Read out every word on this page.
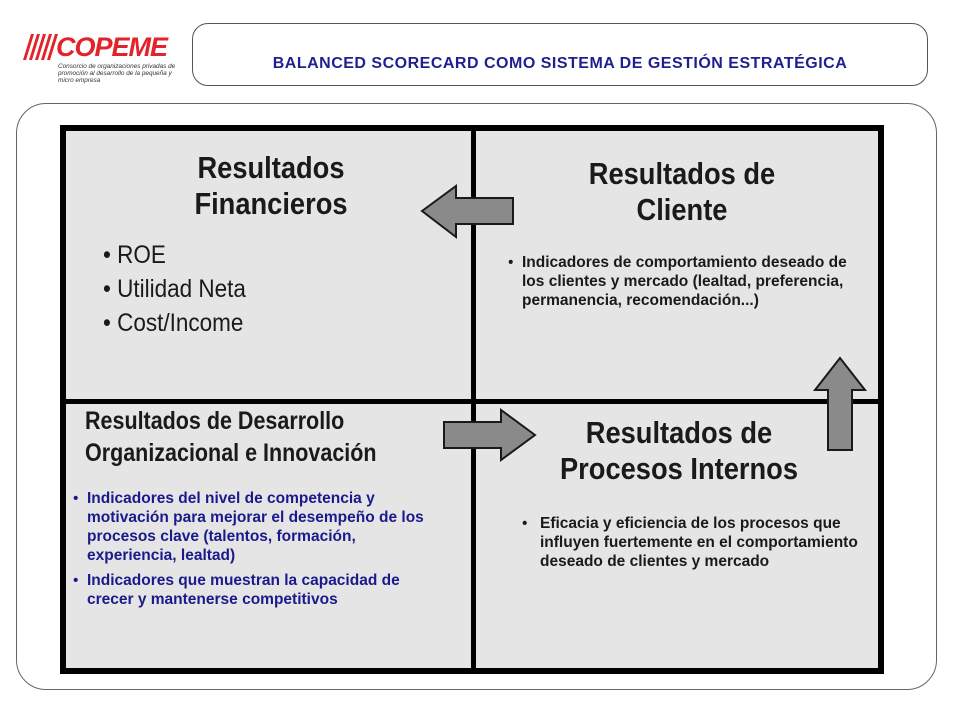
COPEME
Consorcio de organizaciones privadas de promoción al desarrollo de la pequeña y micro empresa
BALANCED SCORECARD COMO SISTEMA DE GESTIÓN ESTRATÉGICA
Resultados
Financieros
• ROE
• Utilidad Neta
• Cost/Income
Resultados de
Cliente
• Indicadores de comportamiento deseado de los clientes y mercado (lealtad, preferencia, permanencia, recomendación...)
Resultados de Desarrollo
Organizacional e Innovación
• Indicadores del nivel de competencia y motivación para mejorar el desempeño de los procesos clave (talentos, formación, experiencia, lealtad)
• Indicadores que muestran la capacidad de crecer y mantenerse competitivos
Resultados de
Procesos Internos
• Eficacia y eficiencia de los procesos que influyen fuertemente en el comportamiento deseado de clientes y mercado
